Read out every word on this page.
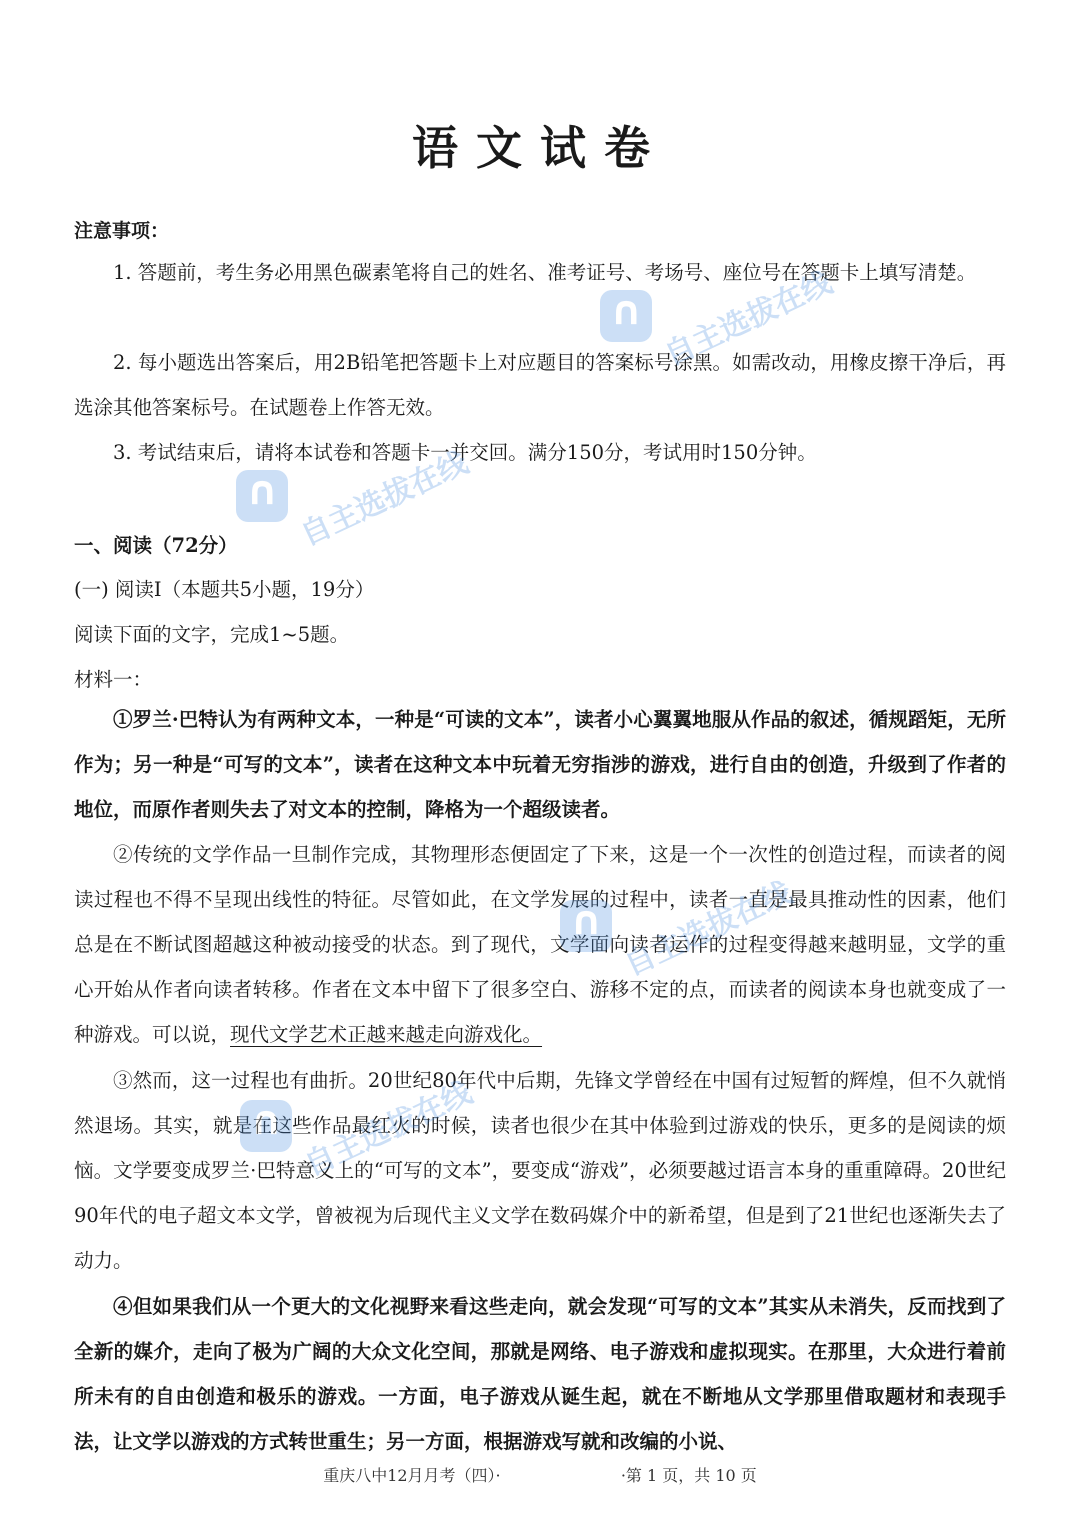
语文试卷
注意事项：
1. 答题前，考生务必用黑色碳素笔将自己的姓名、准考证号、考场号、座位号在答题卡上填写清楚。
2. 每小题选出答案后，用2B铅笔把答题卡上对应题目的答案标号涂黑。如需改动，用橡皮擦干净后，再选涂其他答案标号。在试题卷上作答无效。
3. 考试结束后，请将本试卷和答题卡一并交回。满分150分，考试用时150分钟。
一、阅读（72分）
(一) 阅读Ⅰ（本题共5小题，19分）
阅读下面的文字，完成1~5题。
材料一：
①罗兰·巴特认为有两种文本，一种是“可读的文本”，读者小心翼翼地服从作品的叙述，循规蹈矩，无所作为；另一种是“可写的文本”，读者在这种文本中玩着无穷指涉的游戏，进行自由的创造，升级到了作者的地位，而原作者则失去了对文本的控制，降格为一个超级读者。
②传统的文学作品一旦制作完成，其物理形态便固定了下来，这是一个一次性的创造过程，而读者的阅读过程也不得不呈现出线性的特征。尽管如此，在文学发展的过程中，读者一直是最具推动性的因素，他们总是在不断试图超越这种被动接受的状态。到了现代，文学面向读者运作的过程变得越来越明显，文学的重心开始从作者向读者转移。作者在文本中留下了很多空白、游移不定的点，而读者的阅读本身也就变成了一种游戏。可以说，现代文学艺术正越来越走向游戏化。
③然而，这一过程也有曲折。20世纪80年代中后期，先锋文学曾经在中国有过短暂的辉煌，但不久就悄然退场。其实，就是在这些作品最红火的时候，读者也很少在其中体验到过游戏的快乐，更多的是阅读的烦恼。文学要变成罗兰·巴特意义上的“可写的文本”，要变成“游戏”，必须要越过语言本身的重重障碍。20世纪90年代的电子超文本文学，曾被视为后现代主义文学在数码媒介中的新希望，但是到了21世纪也逐渐失去了动力。
④但如果我们从一个更大的文化视野来看这些走向，就会发现“可写的文本”其实从未消失，反而找到了全新的媒介，走向了极为广阔的大众文化空间，那就是网络、电子游戏和虚拟现实。在那里，大众进行着前所未有的自由创造和极乐的游戏。一方面，电子游戏从诞生起，就在不断地从文学那里借取题材和表现手法，让文学以游戏的方式转世重生；另一方面，根据游戏写就和改编的小说、
重庆八中12月月考（四）·	·第 1 页，共 10 页
∩ 自主选拔在线
∩ 自主选拔在线
∩ 自主选拔在线
∩ 自主选拔在线
